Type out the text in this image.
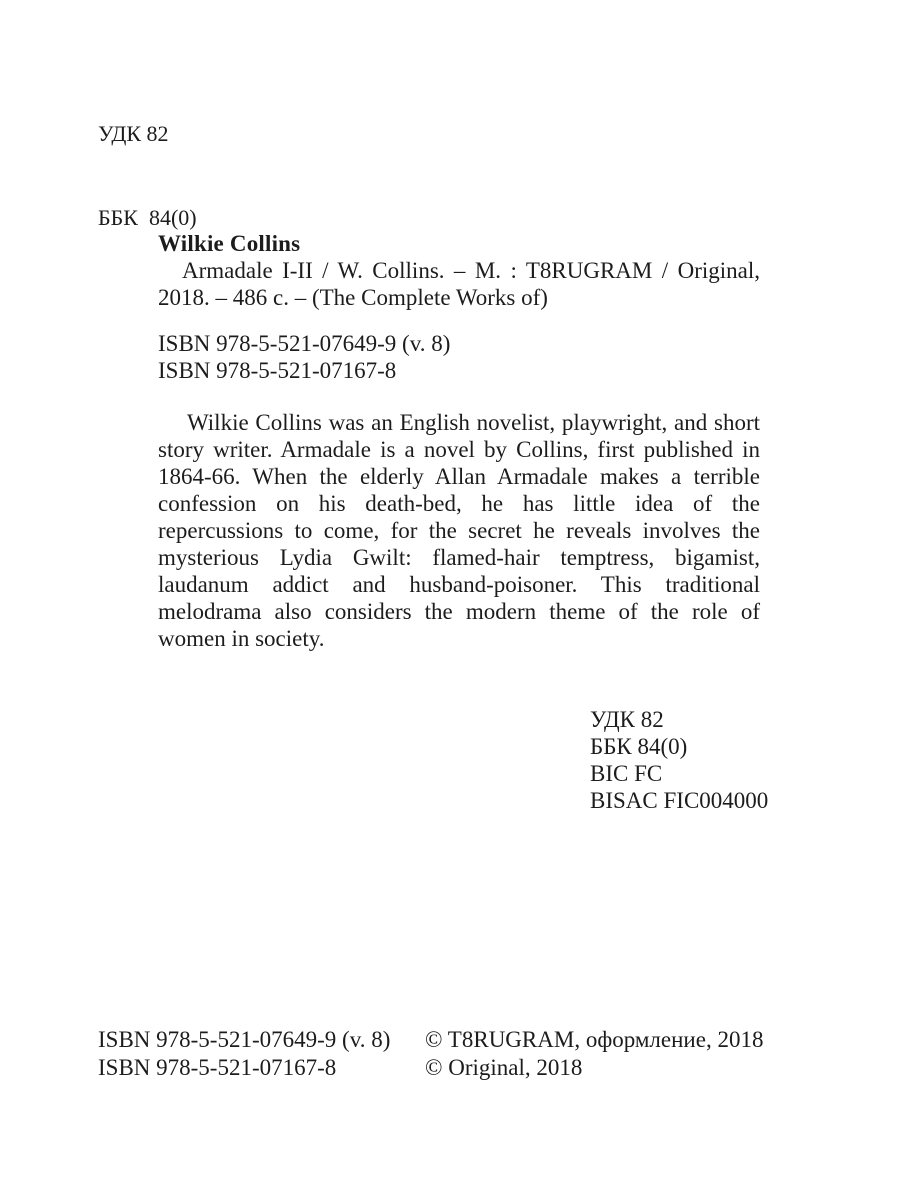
УДК 82

ББК  84(0)

Wilkie Collins

Armadale I-II / W. Collins. – M. : T8RUGRAM / Original, 2018. – 486 с. – (The Complete Works of)

ISBN 978-5-521-07649-9 (v. 8)
ISBN 978-5-521-07167-8

Wilkie Collins was an English novelist, playwright, and short story writer. Armadale is a novel by Collins, first published in 1864-66. When the elderly Allan Armadale makes a terrible confession on his death-bed, he has little idea of the repercussions to come, for the secret he reveals involves the mysterious Lydia Gwilt: flamed-hair temptress, bigamist, laudanum addict and husband-poisoner. This traditional melodrama also considers the modern theme of the role of women in society.

УДК 82
ББК 84(0)
BIC FC
BISAC FIC004000
ISBN 978-5-521-07649-9 (v. 8)
ISBN 978-5-521-07167-8
© T8RUGRAM, оформление, 2018
© Original, 2018
